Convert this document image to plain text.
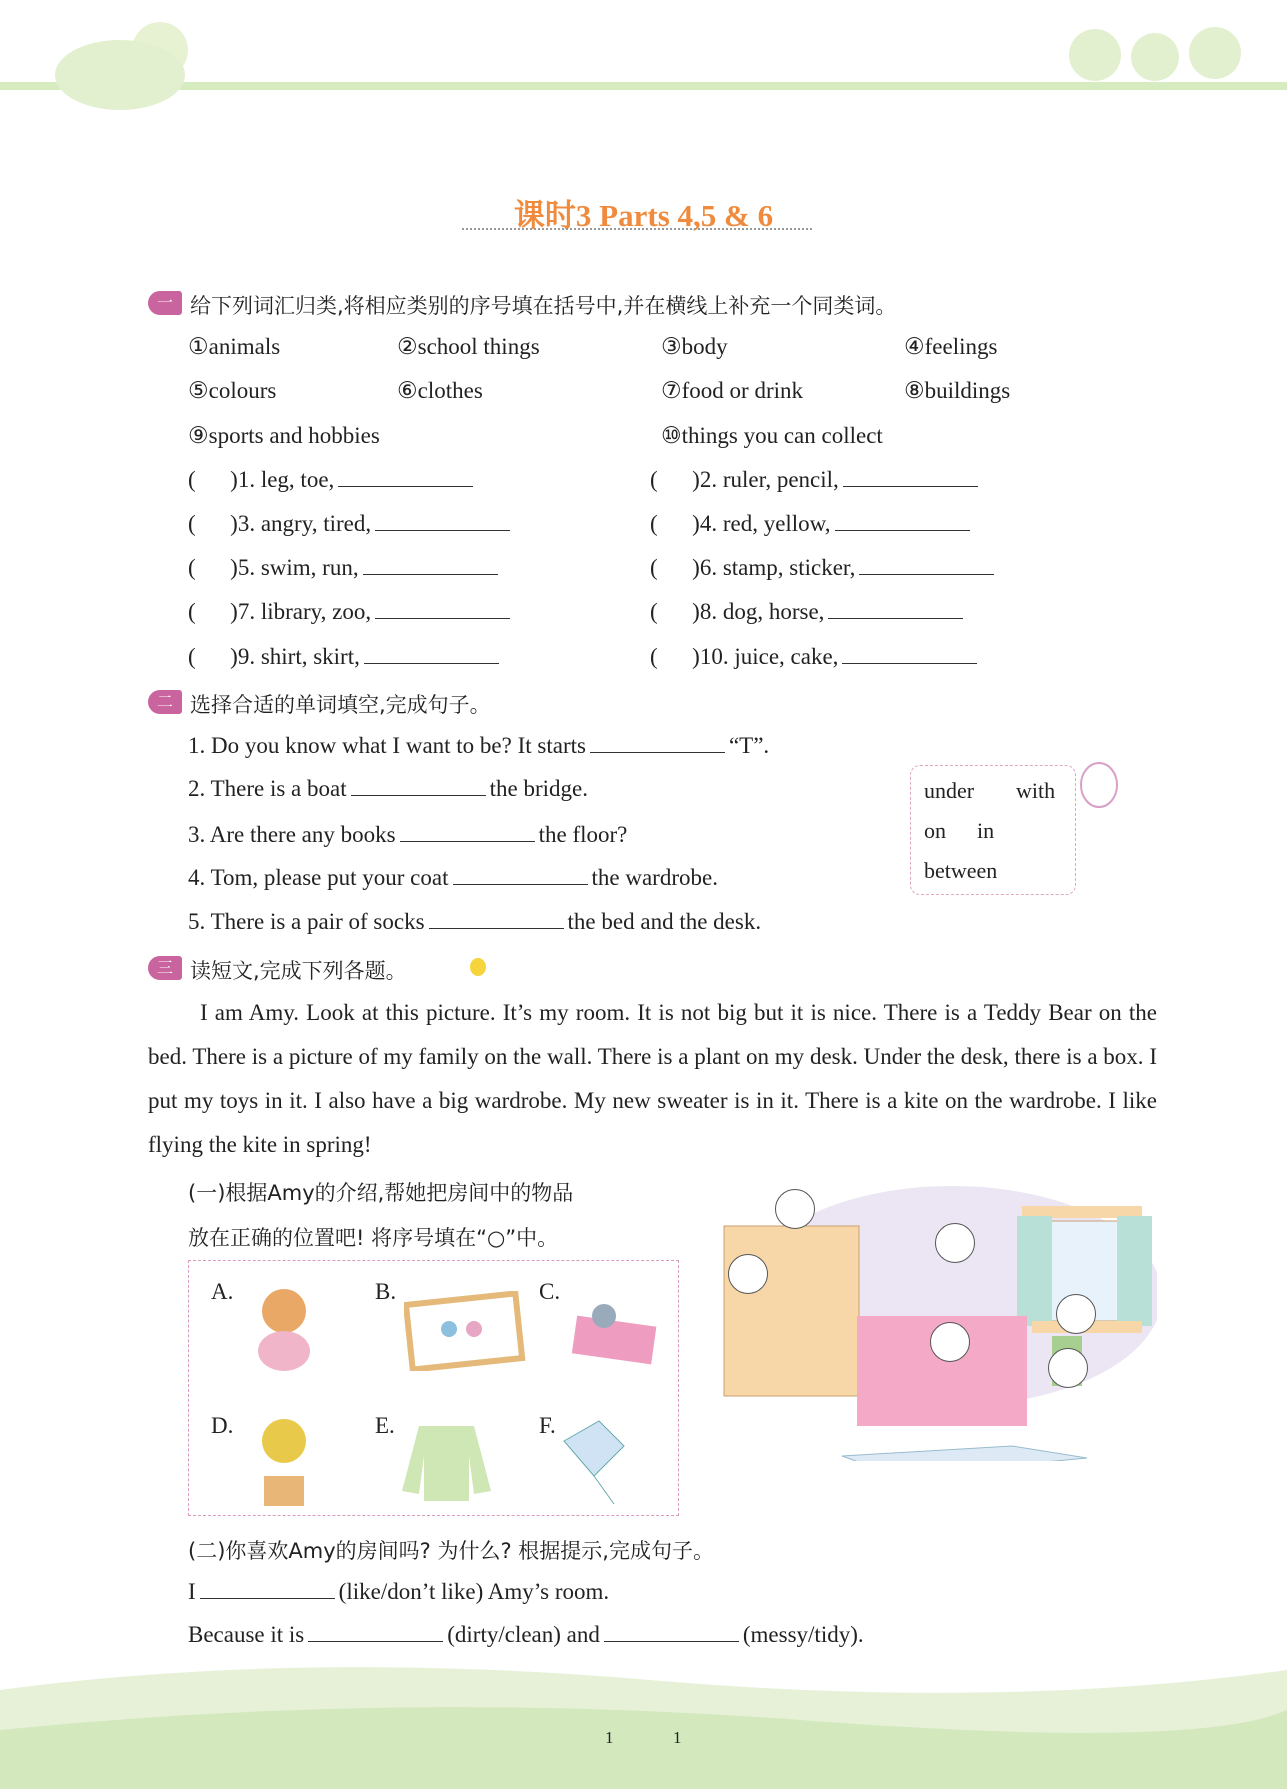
课时3 Parts 4,5 & 6
一 给下列词汇归类,将相应类别的序号填在括号中,并在横线上补充一个同类词。
①animals	②school things	③body	④feelings
⑤colours	⑥clothes	⑦food or drink	⑧buildings
⑨sports and hobbies	⑩things you can collect
(      )1. leg, toe,	(      )2. ruler, pencil,
(      )3. angry, tired,	(      )4. red, yellow,
(      )5. swim, run,	(      )6. stamp, sticker,
(      )7. library, zoo,	(      )8. dog, horse,
(      )9. shirt, skirt,	(      )10. juice, cake,
二 选择合适的单词填空,完成句子。
1. Do you know what I want to be? It starts	“T”.
2. There is a boat	the bridge.
3. Are there any books	the floor?
4. Tom, please put your coat	the wardrobe.
5. There is a pair of socks	the bed and the desk.
under with
on in
between
三 读短文,完成下列各题。
I am Amy. Look at this picture. It’s my room. It is not big but it is nice. There is a Teddy Bear on the bed. There is a picture of my family on the wall. There is a plant on my desk. Under the desk, there is a box. I put my toys in it. I also have a big wardrobe. My new sweater is in it. There is a kite on the wardrobe. I like flying the kite in spring!
(一)根据Amy的介绍,帮她把房间中的物品
放在正确的位置吧! 将序号填在“○”中。
A.	B.	C.
D.	E.	F.
(二)你喜欢Amy的房间吗? 为什么? 根据提示,完成句子。
I	(like/don’t like) Amy’s room.
Because it is	(dirty/clean) and	(messy/tidy).
1	1
